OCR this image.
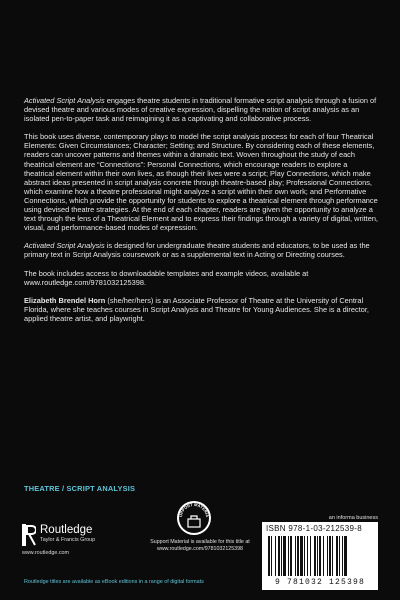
Activated Script Analysis engages theatre students in traditional formative script analysis through a fusion of devised theatre and various modes of creative expression, dispelling the notion of script analysis as an isolated pen-to-paper task and reimagining it as a captivating and collaborative process.

This book uses diverse, contemporary plays to model the script analysis process for each of four Theatrical Elements: Given Circumstances; Character; Setting; and Structure. By considering each of these elements, readers can uncover patterns and themes within a dramatic text. Woven throughout the study of each theatrical element are “Connections”: Personal Connections, which encourage readers to explore a theatrical element within their own lives, as though their lives were a script; Play Connections, which make abstract ideas presented in script analysis concrete through theatre-based play; Professional Connections, which examine how a theatre professional might analyze a script within their own work; and Performative Connections, which provide the opportunity for students to explore a theatrical element through performance using devised theatre strategies. At the end of each chapter, readers are given the opportunity to analyze a text through the lens of a Theatrical Element and to express their findings through a variety of digital, written, visual, and performance-based modes of expression.

Activated Script Analysis is designed for undergraduate theatre students and educators, to be used as the primary text in Script Analysis coursework or as a supplemental text in Acting or Directing courses.

The book includes access to downloadable templates and example videos, available at www.routledge.com/9781032125398.

Elizabeth Brendel Horn (she/her/hers) is an Associate Professor of Theatre at the University of Central Florida, where she teaches courses in Script Analysis and Theatre for Young Audiences. She is a director, applied theatre artist, and playwright.

THEATRE / SCRIPT ANALYSIS
Routledge
Taylor & Francis Group
www.routledge.com
UPPORT MATERIA
Support Material is available for this title at
www.routledge.com/9781032125398
an informa business
ISBN 978-1-03-212539-8
9 781032 125398
Routledge titles are available as eBook editions in a range of digital formats
